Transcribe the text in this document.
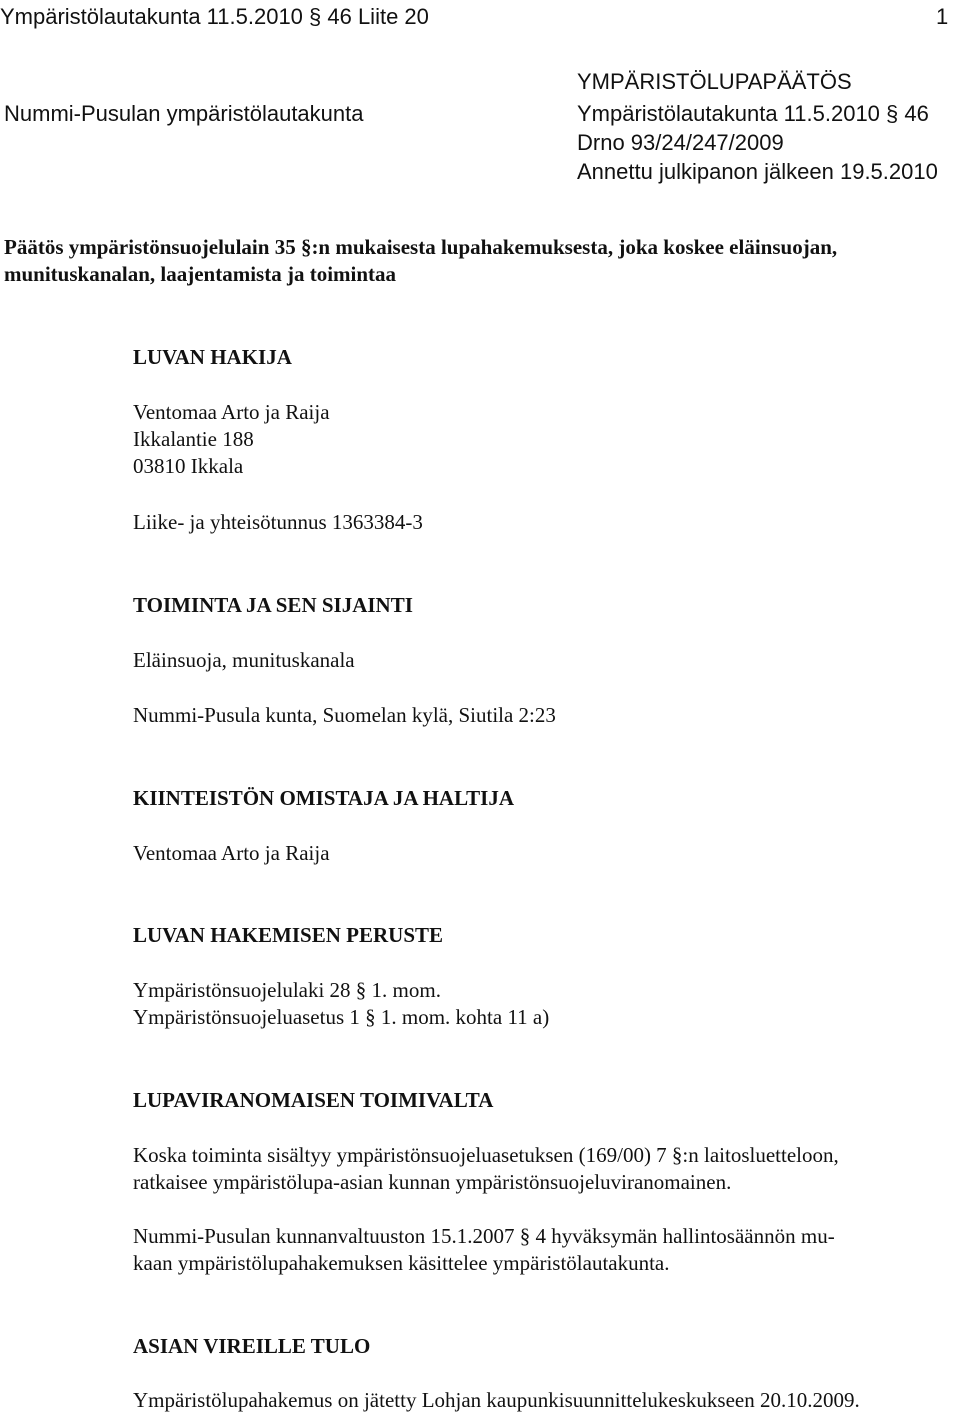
Ympäristölautakunta 11.5.2010 § 46 Liite 20	1
YMPÄRISTÖLUPAPÄÄTÖS
Nummi-Pusulan ympäristölautakunta	Ympäristölautakunta 11.5.2010 § 46
Drno 93/24/247/2009
Annettu julkipanon jälkeen 19.5.2010
Päätös ympäristönsuojelulain 35 §:n mukaisesta lupahakemuksesta, joka koskee eläinsuojan,
munituskanalan, laajentamista ja toimintaa
LUVAN HAKIJA
Ventomaa Arto ja Raija
Ikkalantie 188
03810 Ikkala
Liike- ja yhteisötunnus 1363384-3
TOIMINTA JA SEN SIJAINTI
Eläinsuoja, munituskanala
Nummi-Pusula kunta, Suomelan kylä, Siutila 2:23
KIINTEISTÖN OMISTAJA JA HALTIJA
Ventomaa Arto ja Raija
LUVAN HAKEMISEN PERUSTE
Ympäristönsuojelulaki 28 § 1. mom.
Ympäristönsuojeluasetus 1 § 1. mom. kohta 11 a)
LUPAVIRANOMAISEN TOIMIVALTA
Koska toiminta sisältyy ympäristönsuojeluasetuksen (169/00) 7 §:n laitosluetteloon,
ratkaisee ympäristölupa-asian kunnan ympäristönsuojeluviranomainen.
Nummi-Pusulan kunnanvaltuuston 15.1.2007 § 4 hyväksymän hallintosäännön mu-
kaan ympäristölupahakemuksen käsittelee ympäristölautakunta.
ASIAN VIREILLE TULO
Ympäristölupahakemus on jätetty Lohjan kaupunkisuunnittelukeskukseen 20.10.2009.
